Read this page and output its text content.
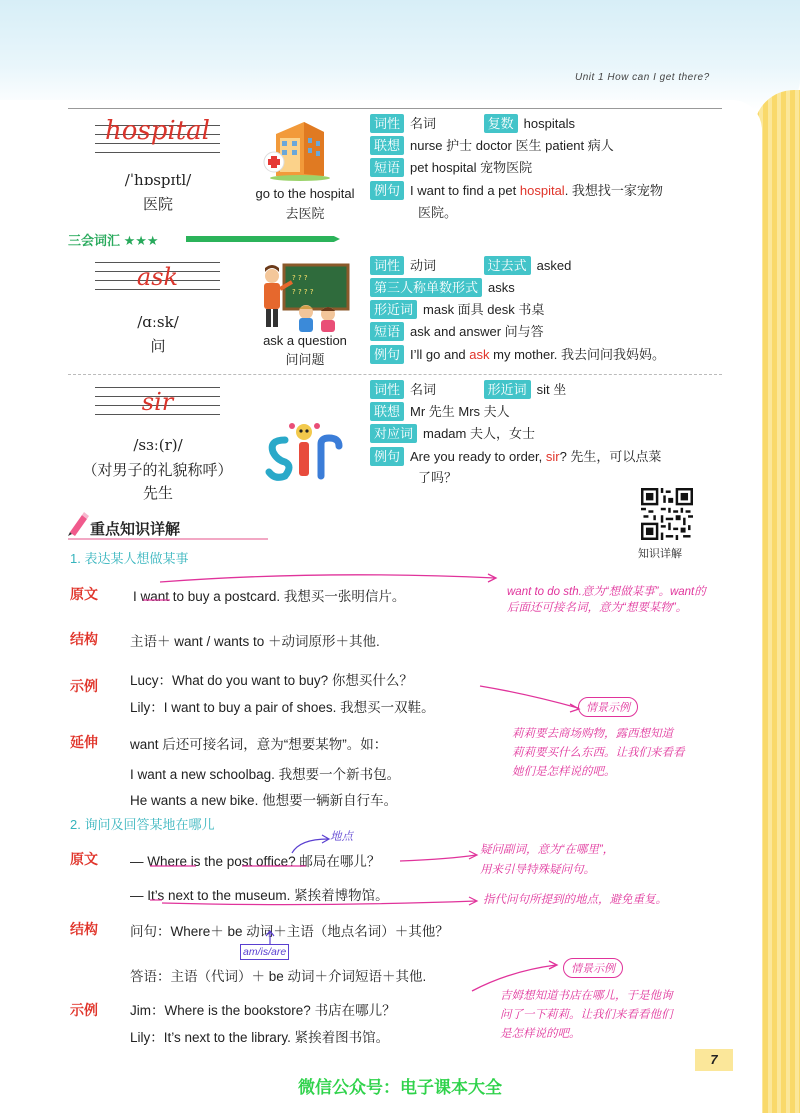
Unit 1 How can I get there?
hospital
/ˈhɒspɪtl/
医院
go to the hospital
去医院
词性 名词	复数 hospitals
联想 nurse 护士 doctor 医生 patient 病人
短语 pet hospital 宠物医院
例句 I want to find a pet hospital. 我想找一家宠物
医院。
三会词汇 ★★★
ask
/ɑːsk/
问
? ? ?
? ? ? ?
ask a question
问问题
词性 动词	过去式 asked
第三人称单数形式 asks
形近词 mask 面具 desk 书桌
短语 ask and answer 问与答
例句 I’ll go and ask my mother. 我去问问我妈妈。
sir
/sɜː(r)/
（对男子的礼貌称呼）
先生
词性 名词	形近词 sit 坐
联想 Mr 先生 Mrs 夫人
对应词 madam 夫人，女士
例句 Are you ready to order, sir? 先生，可以点菜
了吗？
重点知识详解
知识详解
1. 表达某人想做某事
原文	I want to buy a postcard. 我想买一张明信片。	want to do sth.意为“想做某事”。want的
后面还可接名词，意为“想要某物”。
结构 主语＋ want / wants to ＋动词原形＋其他.
示例 Lucy：What do you want to buy? 你想买什么？
Lily：I want to buy a pair of shoes. 我想买一双鞋。	情景示例
莉莉要去商场购物，露西想知道
莉莉要买什么东西。让我们来看看
她们是怎样说的吧。
延伸 want 后还可接名词，意为“想要某物”。如：
I want a new schoolbag. 我想要一个新书包。
He wants a new bike. 他想要一辆新自行车。
2. 询问及回答某地在哪儿
地点
原文 — Where is the post office? 邮局在哪儿？
— It’s next to the museum. 紧挨着博物馆。
疑问副词，意为“在哪里”，
用来引导特殊疑问句。
指代问句所提到的地点，避免重复。
结构 问句：Where＋ be 动词＋主语（地点名词）＋其他？
am/is/are
答语：主语（代词）＋ be 动词＋介词短语＋其他.	情景示例
吉姆想知道书店在哪儿，于是他询
问了一下莉莉。让我们来看看他们
是怎样说的吧。
示例 Jim：Where is the bookstore? 书店在哪儿？
Lily：It’s next to the library. 紧挨着图书馆。
7
微信公众号：电子课本大全
